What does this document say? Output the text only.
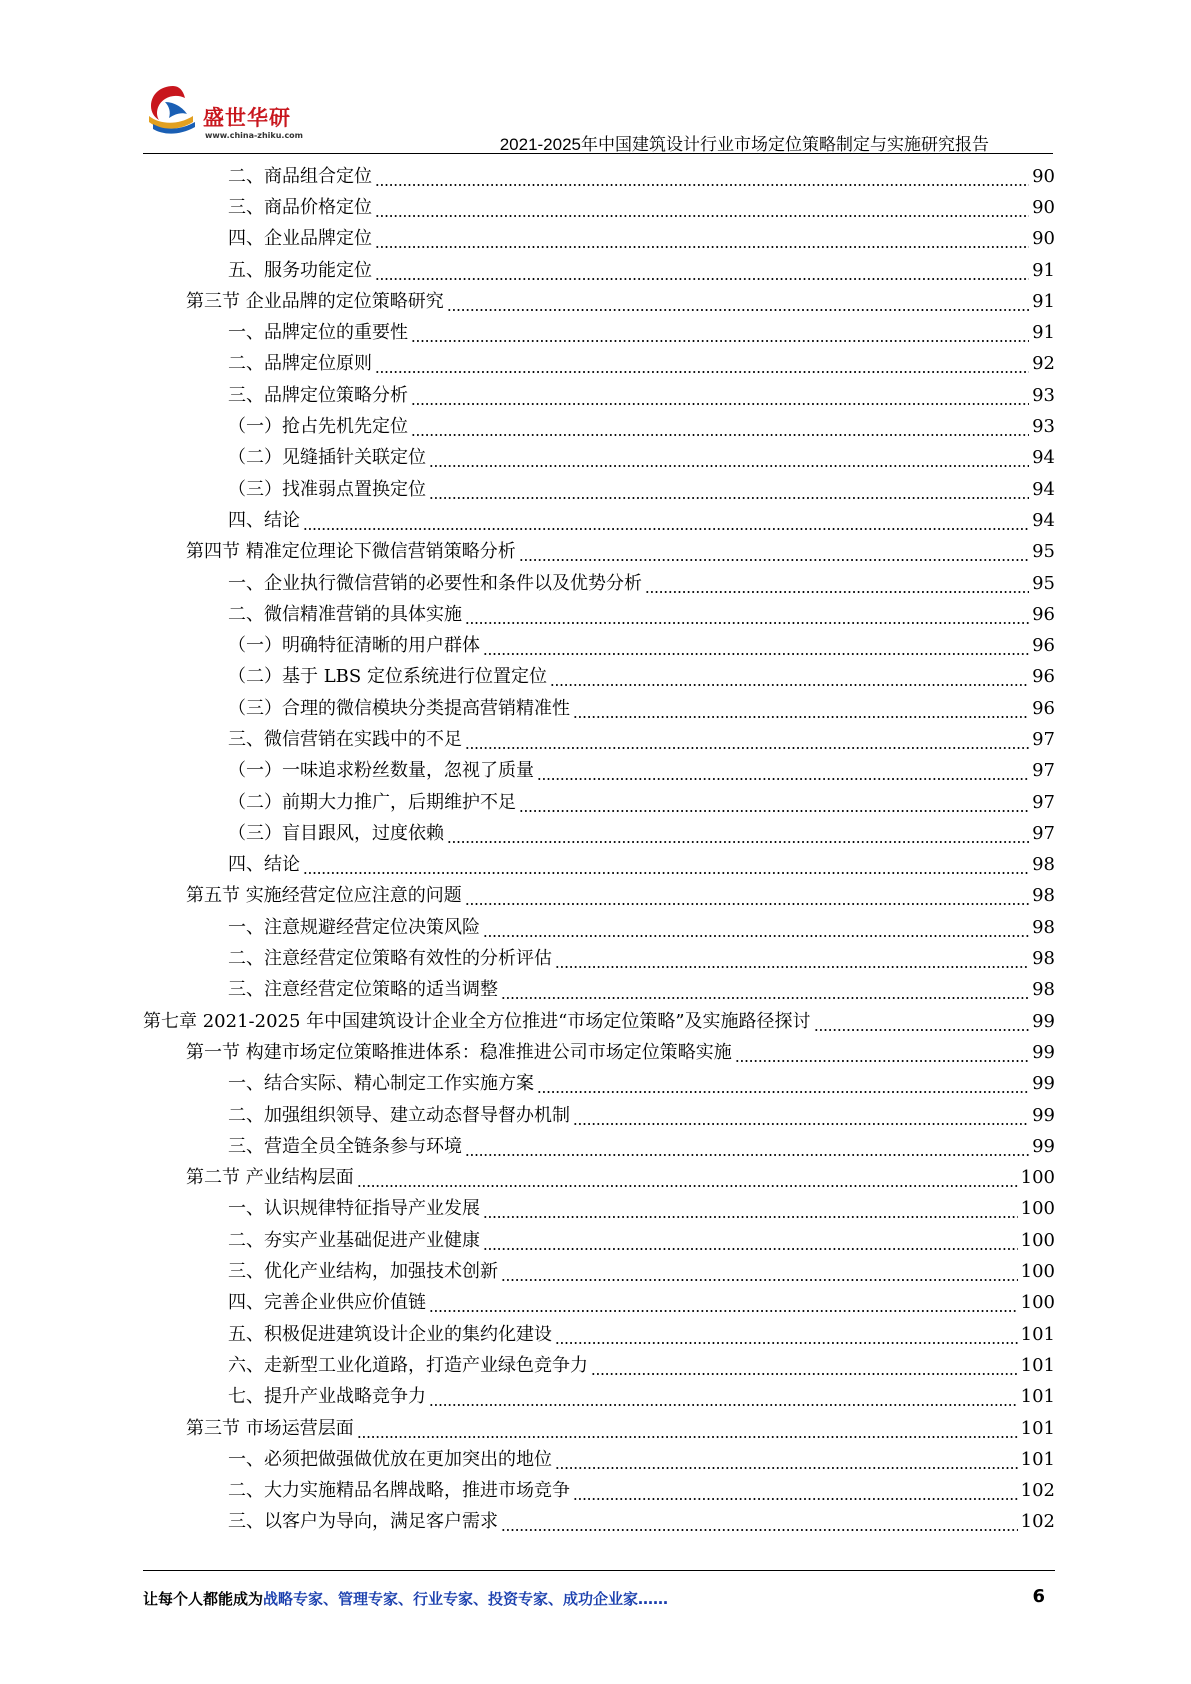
盛世华研
www.china-zhiku.com	2021-2025年中国建筑设计行业市场定位策略制定与实施研究报告
二、商品组合定位	90
三、商品价格定位	90
四、企业品牌定位	90
五、服务功能定位	91
第三节 企业品牌的定位策略研究	91
一、品牌定位的重要性	91
二、品牌定位原则	92
三、品牌定位策略分析	93
（一）抢占先机先定位	93
（二）见缝插针关联定位	94
（三）找准弱点置换定位	94
四、结论	94
第四节 精准定位理论下微信营销策略分析	95
一、企业执行微信营销的必要性和条件以及优势分析	95
二、微信精准营销的具体实施	96
（一）明确特征清晰的用户群体	96
（二）基于 LBS 定位系统进行位置定位	96
（三）合理的微信模块分类提高营销精准性	96
三、微信营销在实践中的不足	97
（一）一味追求粉丝数量，忽视了质量	97
（二）前期大力推广，后期维护不足	97
（三）盲目跟风，过度依赖	97
四、结论	98
第五节 实施经营定位应注意的问题	98
一、注意规避经营定位决策风险	98
二、注意经营定位策略有效性的分析评估	98
三、注意经营定位策略的适当调整	98
第七章 2021-2025 年中国建筑设计企业全方位推进“市场定位策略”及实施路径探讨	99
第一节 构建市场定位策略推进体系：稳准推进公司市场定位策略实施	99
一、结合实际、精心制定工作实施方案	99
二、加强组织领导、建立动态督导督办机制	99
三、营造全员全链条参与环境	99
第二节 产业结构层面	100
一、认识规律特征指导产业发展	100
二、夯实产业基础促进产业健康	100
三、优化产业结构，加强技术创新	100
四、完善企业供应价值链	100
五、积极促进建筑设计企业的集约化建设	101
六、走新型工业化道路，打造产业绿色竞争力	101
七、提升产业战略竞争力	101
第三节 市场运营层面	101
一、必须把做强做优放在更加突出的地位	101
二、大力实施精品名牌战略，推进市场竞争	102
三、以客户为导向，满足客户需求	102
让每个人都能成为战略专家、管理专家、行业专家、投资专家、成功企业家……	6
